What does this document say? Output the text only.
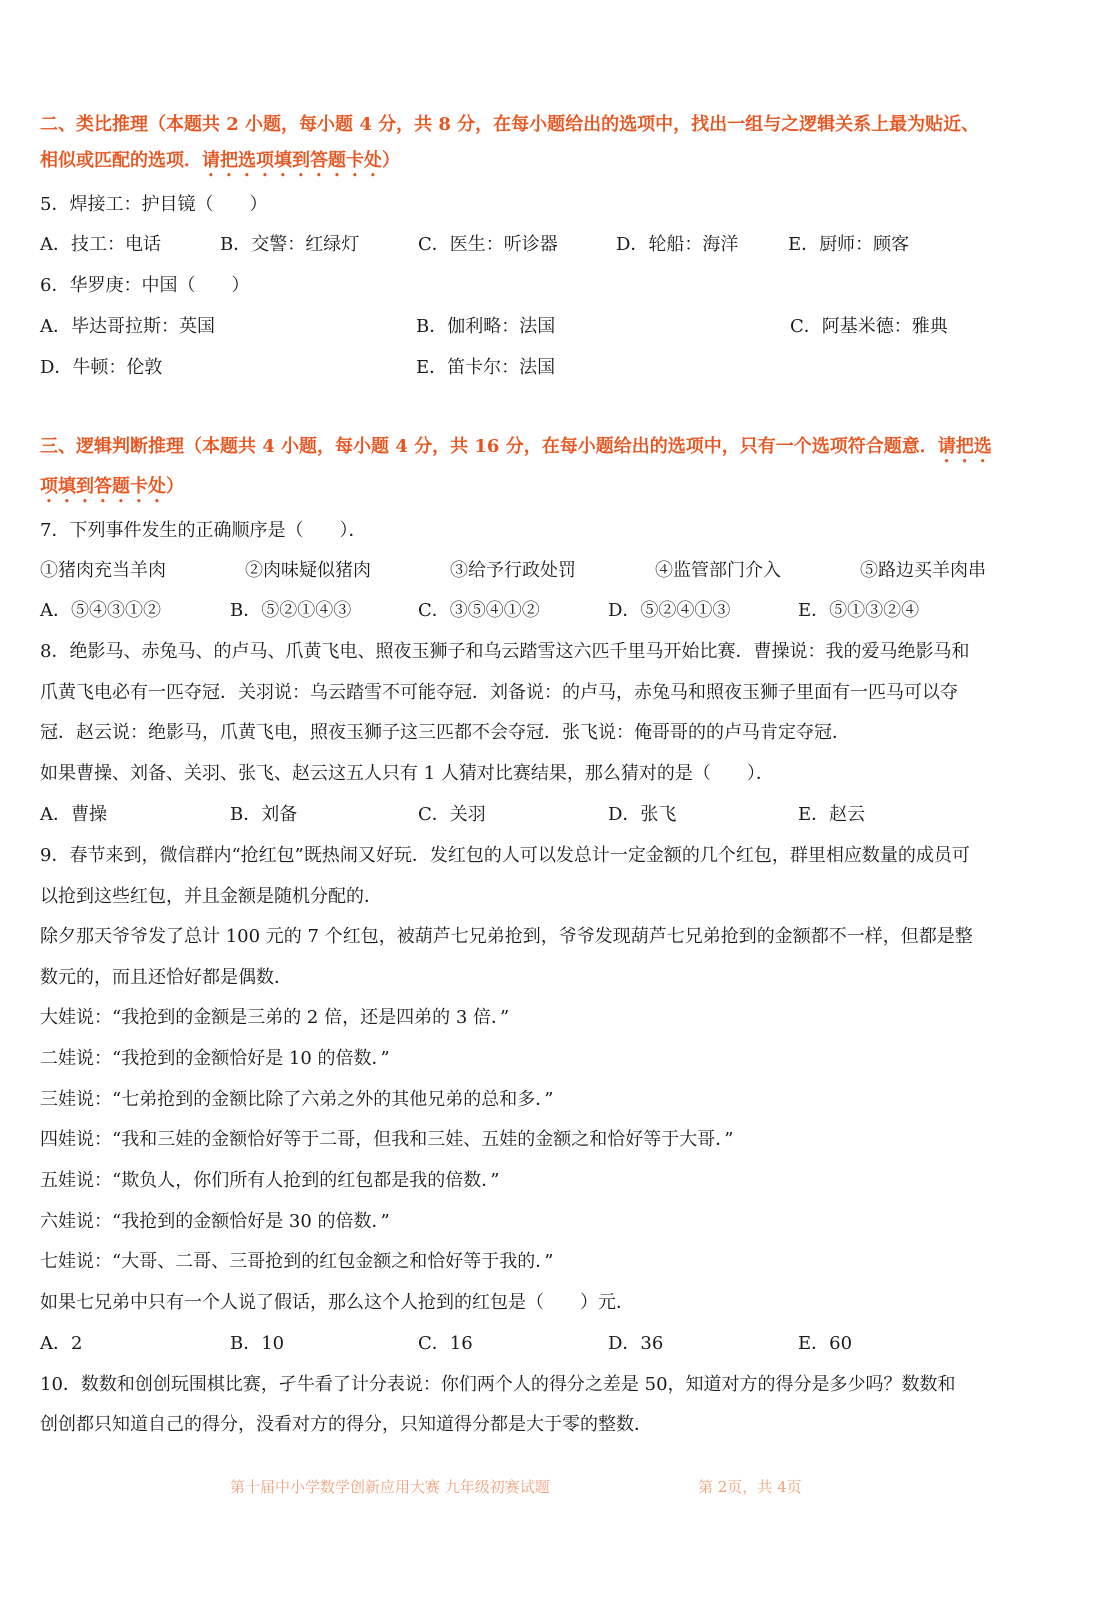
二、类比推理（本题共 2 小题，每小题 4 分，共 8 分，在每小题给出的选项中，找出一组与之逻辑关系上最为贴近、
相似或匹配的选项．请把选项填到答题卡处）
5．焊接工：护目镜（　　）
A．技工：电话	B．交警：红绿灯	C．医生：听诊器	D．轮船：海洋	E．厨师：顾客
6．华罗庚：中国（　　）
A．毕达哥拉斯：英国	B．伽利略：法国	C．阿基米德：雅典
D．牛顿：伦敦	E．笛卡尔：法国
三、逻辑判断推理（本题共 4 小题，每小题 4 分，共 16 分，在每小题给出的选项中，只有一个选项符合题意．请把选
项填到答题卡处）
7．下列事件发生的正确顺序是（　　）．
①猪肉充当羊肉	②肉味疑似猪肉	③给予行政处罚	④监管部门介入	⑤路边买羊肉串
A．⑤④③①②	B．⑤②①④③	C．③⑤④①②	D．⑤②④①③	E．⑤①③②④
8．绝影马、赤兔马、的卢马、爪黄飞电、照夜玉狮子和乌云踏雪这六匹千里马开始比赛．曹操说：我的爱马绝影马和
爪黄飞电必有一匹夺冠．关羽说：乌云踏雪不可能夺冠．刘备说：的卢马，赤兔马和照夜玉狮子里面有一匹马可以夺
冠．赵云说：绝影马，爪黄飞电，照夜玉狮子这三匹都不会夺冠．张飞说：俺哥哥的的卢马肯定夺冠．
如果曹操、刘备、关羽、张飞、赵云这五人只有 1 人猜对比赛结果，那么猜对的是（　　）．
A．曹操	B．刘备	C．关羽	D．张飞	E．赵云
9．春节来到，微信群内“抢红包”既热闹又好玩．发红包的人可以发总计一定金额的几个红包，群里相应数量的成员可
以抢到这些红包，并且金额是随机分配的．
除夕那天爷爷发了总计 100 元的 7 个红包，被葫芦七兄弟抢到，爷爷发现葫芦七兄弟抢到的金额都不一样，但都是整
数元的，而且还恰好都是偶数．
大娃说：“我抢到的金额是三弟的 2 倍，还是四弟的 3 倍．”
二娃说：“我抢到的金额恰好是 10 的倍数．”
三娃说：“七弟抢到的金额比除了六弟之外的其他兄弟的总和多．”
四娃说：“我和三娃的金额恰好等于二哥，但我和三娃、五娃的金额之和恰好等于大哥．”
五娃说：“欺负人，你们所有人抢到的红包都是我的倍数．”
六娃说：“我抢到的金额恰好是 30 的倍数．”
七娃说：“大哥、二哥、三哥抢到的红包金额之和恰好等于我的．”
如果七兄弟中只有一个人说了假话，那么这个人抢到的红包是（　　）元．
A．2	B．10	C．16	D．36	E．60
10．数数和创创玩围棋比赛，孑牛看了计分表说：你们两个人的得分之差是 50，知道对方的得分是多少吗？数数和
创创都只知道自己的得分，没看对方的得分，只知道得分都是大于零的整数．
第十届中小学数学创新应用大赛 九年级初赛试题	第 2页，共 4页
